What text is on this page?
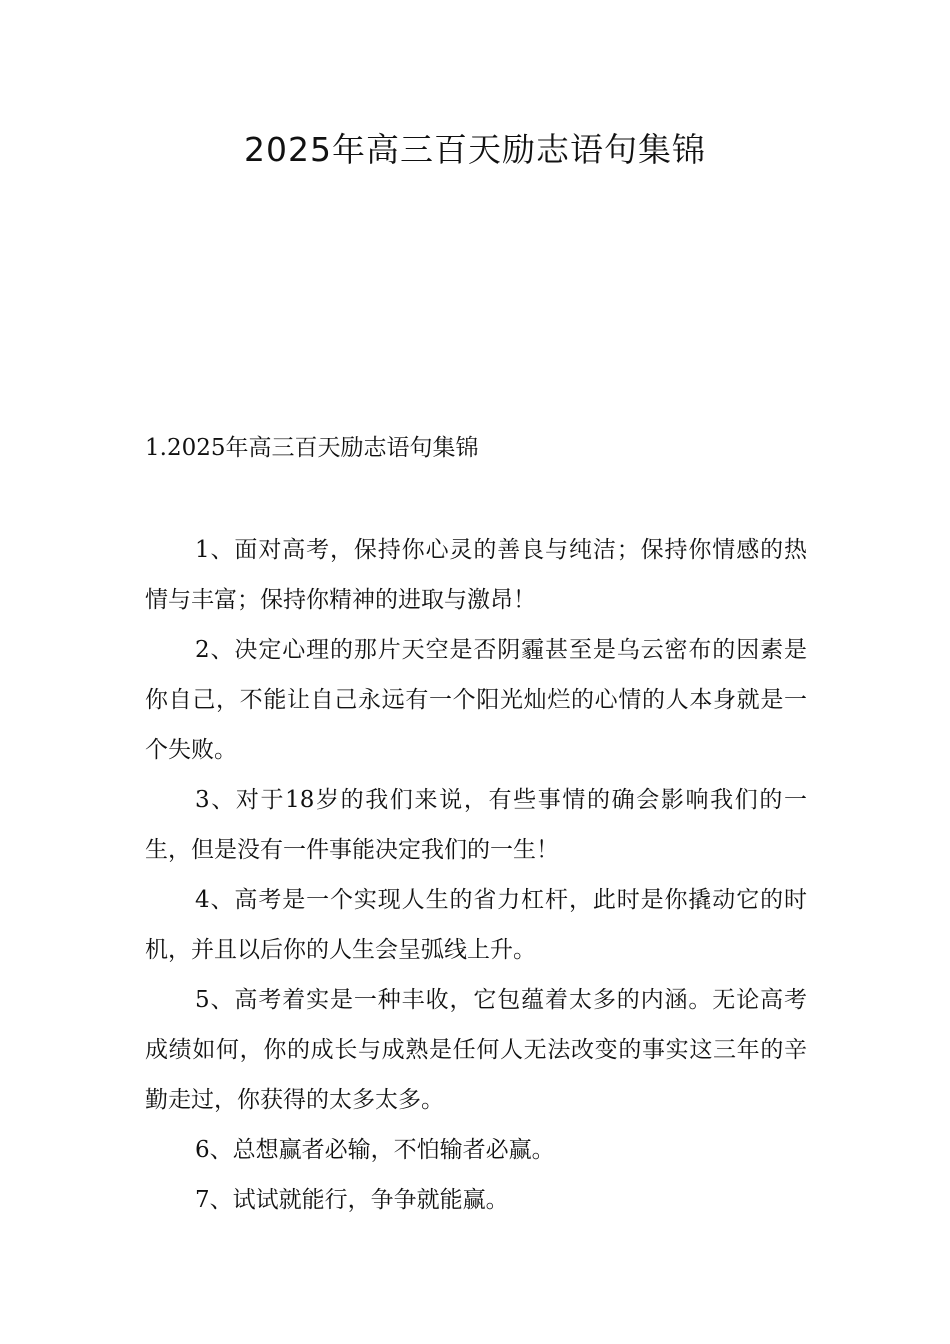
2025年高三百天励志语句集锦
1.2025年高三百天励志语句集锦

1、面对高考，保持你心灵的善良与纯洁；保持你情感的热情与丰富；保持你精神的进取与激昂！

2、决定心理的那片天空是否阴霾甚至是乌云密布的因素是你自己，不能让自己永远有一个阳光灿烂的心情的人本身就是一个失败。

3、对于18岁的我们来说，有些事情的确会影响我们的一生，但是没有一件事能决定我们的一生！

4、高考是一个实现人生的省力杠杆，此时是你撬动它的时机，并且以后你的人生会呈弧线上升。

5、高考着实是一种丰收，它包蕴着太多的内涵。无论高考成绩如何，你的成长与成熟是任何人无法改变的事实这三年的辛勤走过，你获得的太多太多。

6、总想赢者必输，不怕输者必赢。

7、试试就能行，争争就能赢。
